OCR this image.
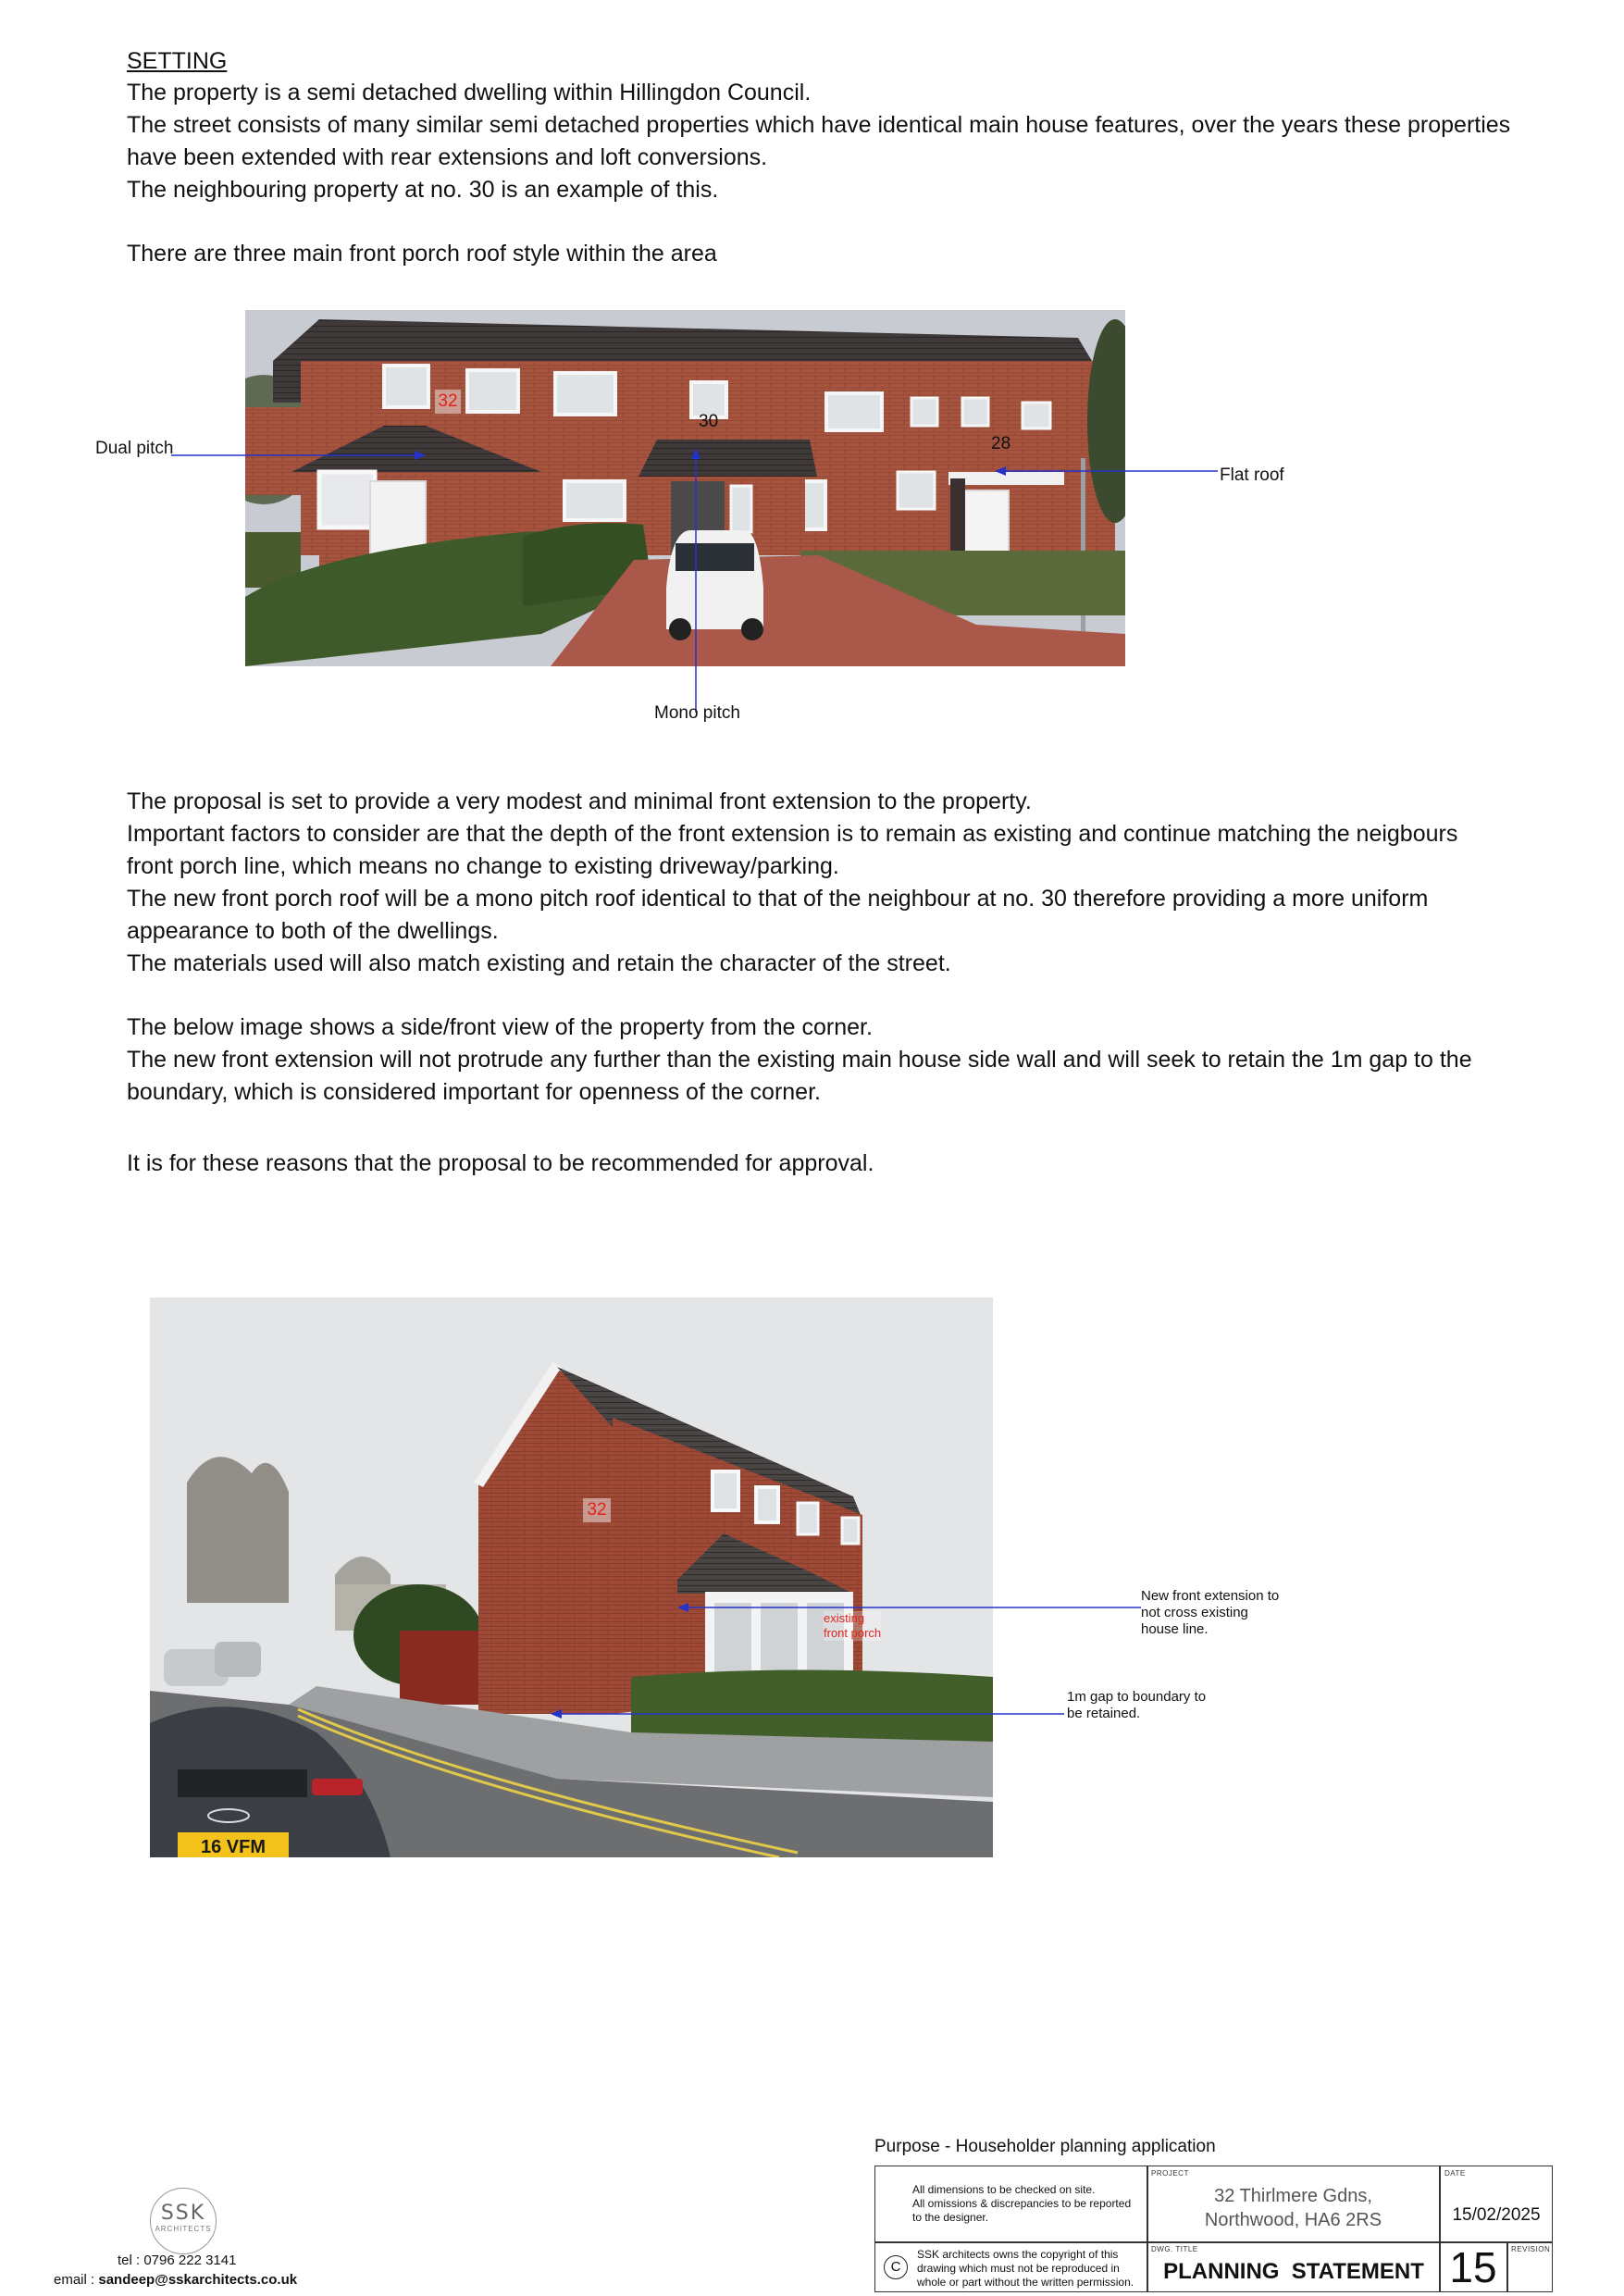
SETTING
The property is a semi detached dwelling within Hillingdon Council.
The street consists of many similar semi detached properties which have identical main house features, over the years these properties
have been extended with rear extensions and loft conversions.
The neighbouring property at no. 30 is an example of this.
There are three main front porch roof style within the area
32
30
28
Dual pitch
Flat roof
Mono pitch
The proposal is set to provide a very modest and minimal front extension to the property.
Important factors to consider are that the depth of the front extension is to remain as existing and continue matching the neigbours
front porch line, which means no change to existing driveway/parking.
The new front porch roof will be a mono pitch roof identical to that of the neighbour at no. 30 therefore providing a more uniform
appearance to both of the dwellings.
The materials used will also match existing and retain the character of the street.
The below image shows a side/front view of the property from the corner.
The new front extension will not protrude any further than the existing main house side wall and will seek to retain the 1m gap to the
boundary, which is considered important for openness of the corner.
It is for these reasons that the proposal to be recommended for approval.
32
existing
front porch
16 VFM
New front extension to
not cross existing
house line.
1m gap to boundary to
be retained.
SSK
ARCHITECTS
tel : 0796 222 3141
email : sandeep@sskarchitects.co.uk
Purpose - Householder planning application
All dimensions to be checked on site.
All omissions & discrepancies to be reported
to the designer.
PROJECT
32 Thirlmere Gdns,
Northwood, HA6 2RS
DATE
15/02/2025
C
SSK architects owns the copyright of this
drawing which must not be reproduced in
whole or part without the written permission.
DWG. TITLE
PLANNING  STATEMENT 15	REVISION
